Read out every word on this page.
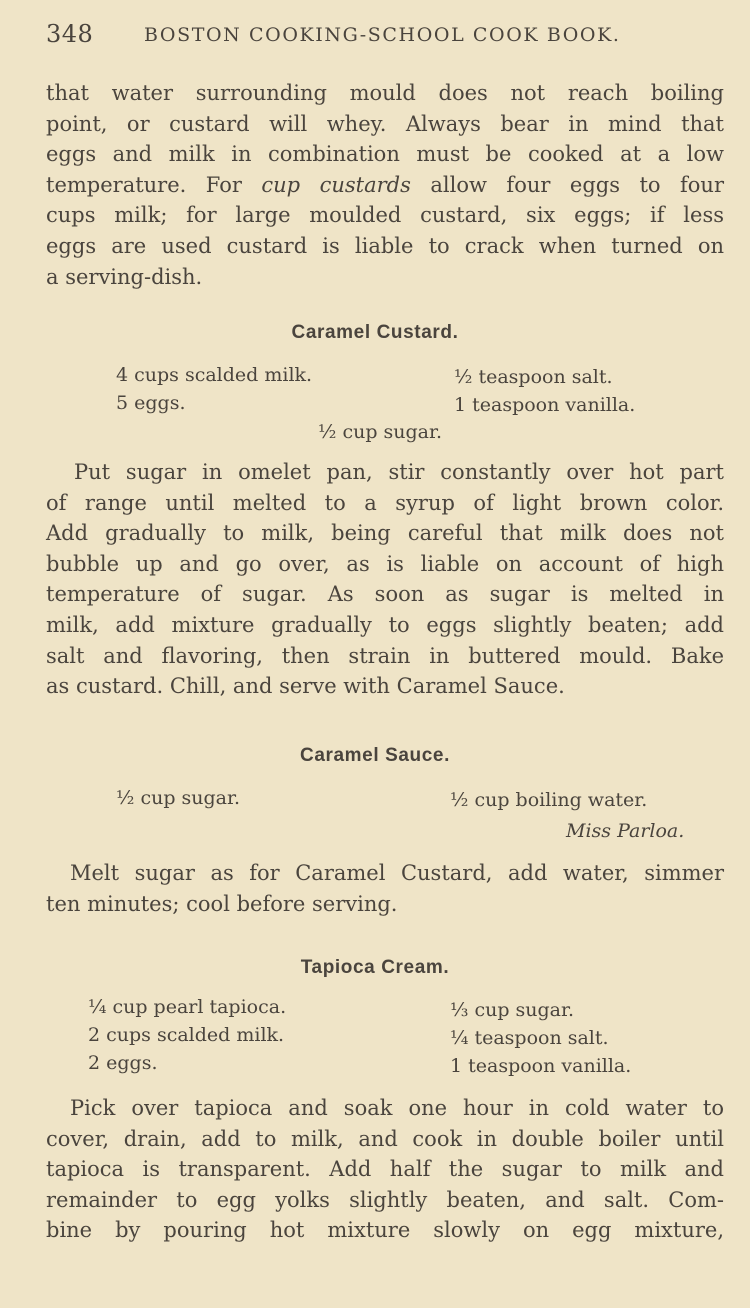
348	BOSTON COOKING-SCHOOL COOK BOOK.
that water surrounding mould does not reach boiling
point, or custard will whey. Always bear in mind that
eggs and milk in combination must be cooked at a low
temperature. For cup custards allow four eggs to four
cups milk; for large moulded custard, six eggs; if less
eggs are used custard is liable to crack when turned on
a serving-dish.
Caramel Custard.
4 cups scalded milk.
5 eggs.
½ teaspoon salt.
1 teaspoon vanilla.
½ cup sugar.
Put sugar in omelet pan, stir constantly over hot part
of range until melted to a syrup of light brown color.
Add gradually to milk, being careful that milk does not
bubble up and go over, as is liable on account of high
temperature of sugar. As soon as sugar is melted in
milk, add mixture gradually to eggs slightly beaten; add
salt and flavoring, then strain in buttered mould. Bake
as custard. Chill, and serve with Caramel Sauce.
Caramel Sauce.
½ cup sugar.	½ cup boiling water.
Miss Parloa.
Melt sugar as for Caramel Custard, add water, simmer
ten minutes; cool before serving.
Tapioca Cream.
¼ cup pearl tapioca.
2 cups scalded milk.
2 eggs.
⅓ cup sugar.
¼ teaspoon salt.
1 teaspoon vanilla.
Pick over tapioca and soak one hour in cold water to
cover, drain, add to milk, and cook in double boiler until
tapioca is transparent. Add half the sugar to milk and
remainder to egg yolks slightly beaten, and salt. Com-
bine by pouring hot mixture slowly on egg mixture,
